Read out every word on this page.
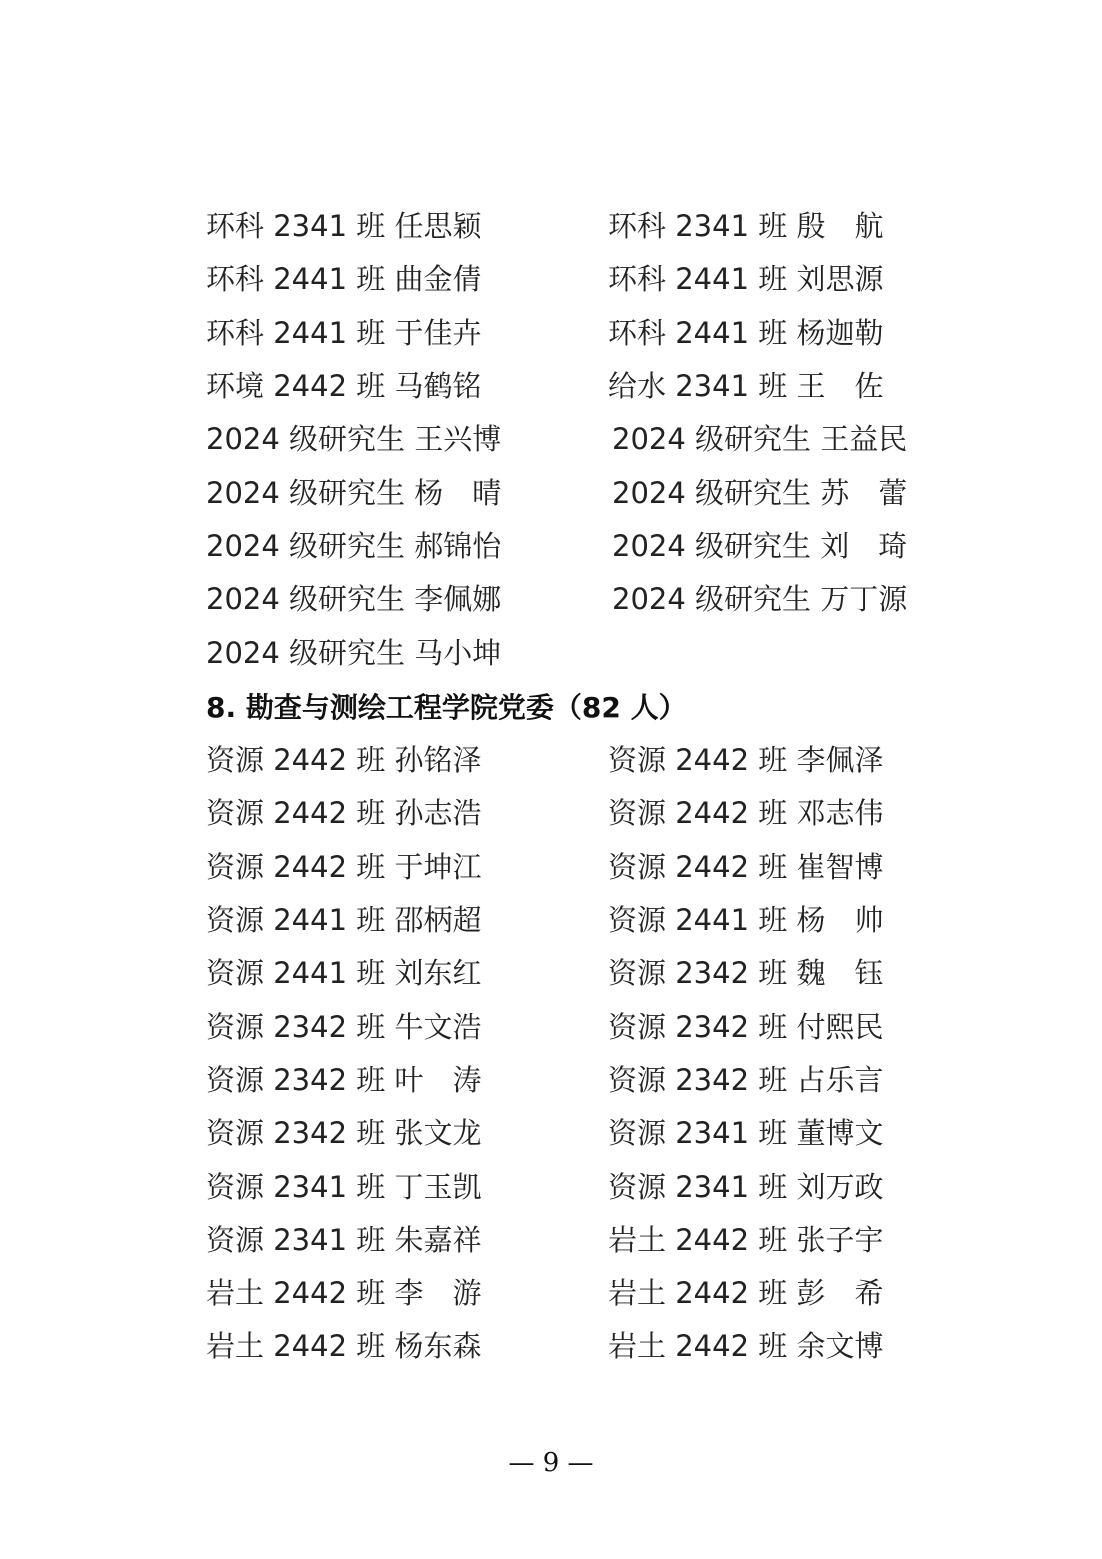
环科 2341 班 任思颖	环科 2341 班 殷　航
环科 2441 班 曲金倩	环科 2441 班 刘思源
环科 2441 班 于佳卉	环科 2441 班 杨迦勒
环境 2442 班 马鹤铭	给水 2341 班 王　佐
2024 级研究生 王兴博	2024 级研究生 王益民
2024 级研究生 杨　晴	2024 级研究生 苏　蕾
2024 级研究生 郝锦怡	2024 级研究生 刘　琦
2024 级研究生 李佩娜	2024 级研究生 万丁源
2024 级研究生 马小坤
8. 勘查与测绘工程学院党委（82 人）
资源 2442 班 孙铭泽	资源 2442 班 李佩泽
资源 2442 班 孙志浩	资源 2442 班 邓志伟
资源 2442 班 于坤江	资源 2442 班 崔智博
资源 2441 班 邵柄超	资源 2441 班 杨　帅
资源 2441 班 刘东红	资源 2342 班 魏　钰
资源 2342 班 牛文浩	资源 2342 班 付熙民
资源 2342 班 叶　涛	资源 2342 班 占乐言
资源 2342 班 张文龙	资源 2341 班 董博文
资源 2341 班 丁玉凯	资源 2341 班 刘万政
资源 2341 班 朱嘉祥	岩土 2442 班 张子宇
岩土 2442 班 李　游	岩土 2442 班 彭　希
岩土 2442 班 杨东森	岩土 2442 班 余文博
— 9 —
